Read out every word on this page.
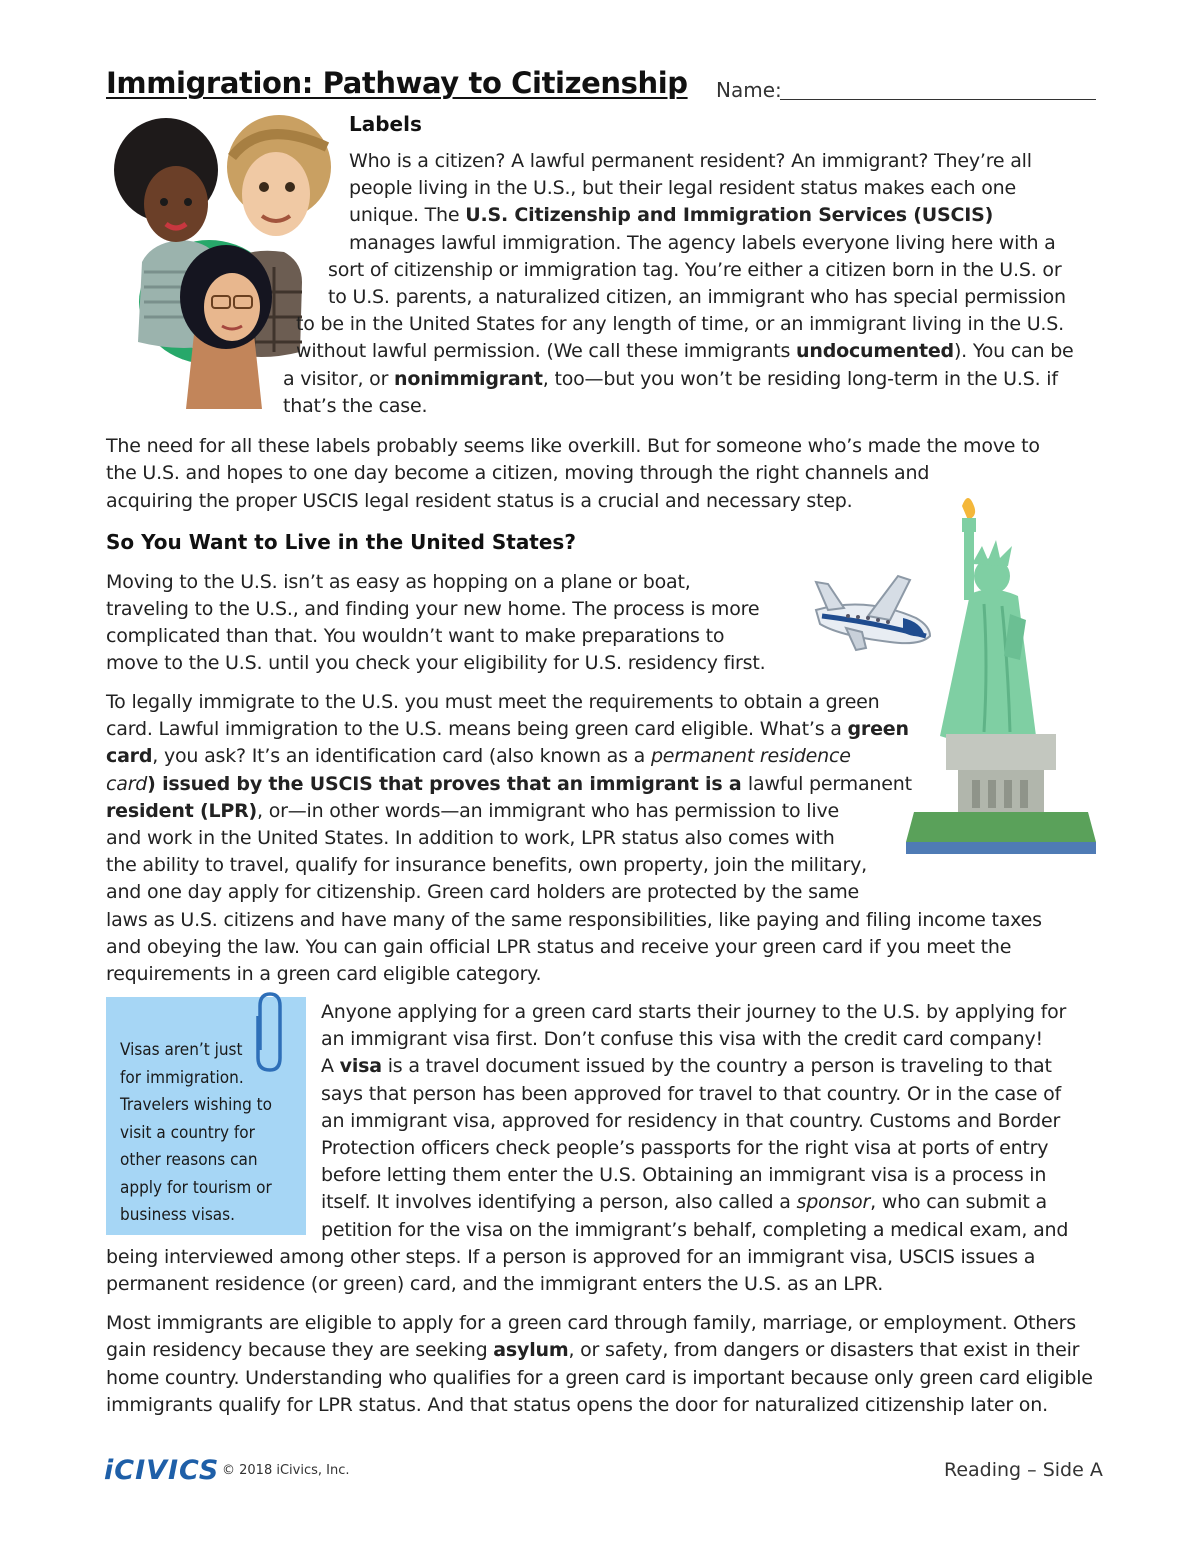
Immigration: Pathway to Citizenship Name:
Labels
Who is a citizen? A lawful permanent resident? An immigrant? They’re all
people living in the U.S., but their legal resident status makes each one
unique. The U.S. Citizenship and Immigration Services (USCIS)
manages lawful immigration. The agency labels everyone living here with a
sort of citizenship or immigration tag. You’re either a citizen born in the U.S. or
to U.S. parents, a naturalized citizen, an immigrant who has special permission
to be in the United States for any length of time, or an immigrant living in the U.S.
without lawful permission. (We call these immigrants undocumented). You can be
a visitor, or nonimmigrant, too—but you won’t be residing long-term in the U.S. if
that’s the case.
The need for all these labels probably seems like overkill. But for someone who’s made the move to
the U.S. and hopes to one day become a citizen, moving through the right channels and
acquiring the proper USCIS legal resident status is a crucial and necessary step.
So You Want to Live in the United States?
Moving to the U.S. isn’t as easy as hopping on a plane or boat,
traveling to the U.S., and finding your new home. The process is more
complicated than that. You wouldn’t want to make preparations to
move to the U.S. until you check your eligibility for U.S. residency first.
To legally immigrate to the U.S. you must meet the requirements to obtain a green
card. Lawful immigration to the U.S. means being green card eligible. What’s a green
card, you ask? It’s an identification card (also known as a permanent residence
card) issued by the USCIS that proves that an immigrant is a lawful permanent
resident (LPR), or—in other words—an immigrant who has permission to live
and work in the United States. In addition to work, LPR status also comes with
the ability to travel, qualify for insurance benefits, own property, join the military,
and one day apply for citizenship. Green card holders are protected by the same
laws as U.S. citizens and have many of the same responsibilities, like paying and filing income taxes
and obeying the law. You can gain official LPR status and receive your green card if you meet the
requirements in a green card eligible category.
Anyone applying for a green card starts their journey to the U.S. by applying for
an immigrant visa first. Don’t confuse this visa with the credit card company!
A visa is a travel document issued by the country a person is traveling to that
says that person has been approved for travel to that country. Or in the case of
an immigrant visa, approved for residency in that country. Customs and Border
Protection officers check people’s passports for the right visa at ports of entry
before letting them enter the U.S. Obtaining an immigrant visa is a process in
itself. It involves identifying a person, also called a sponsor, who can submit a
petition for the visa on the immigrant’s behalf, completing a medical exam, and
being interviewed among other steps. If a person is approved for an immigrant visa, USCIS issues a
permanent residence (or green) card, and the immigrant enters the U.S. as an LPR.
Most immigrants are eligible to apply for a green card through family, marriage, or employment. Others
gain residency because they are seeking asylum, or safety, from dangers or disasters that exist in their
home country. Understanding who qualifies for a green card is important because only green card eligible
immigrants qualify for LPR status. And that status opens the door for naturalized citizenship later on.
Visas aren’t just
for immigration.
Travelers wishing to
visit a country for
other reasons can
apply for tourism or
business visas.
iCIVICS © 2018 iCivics, Inc.	Reading – Side A
